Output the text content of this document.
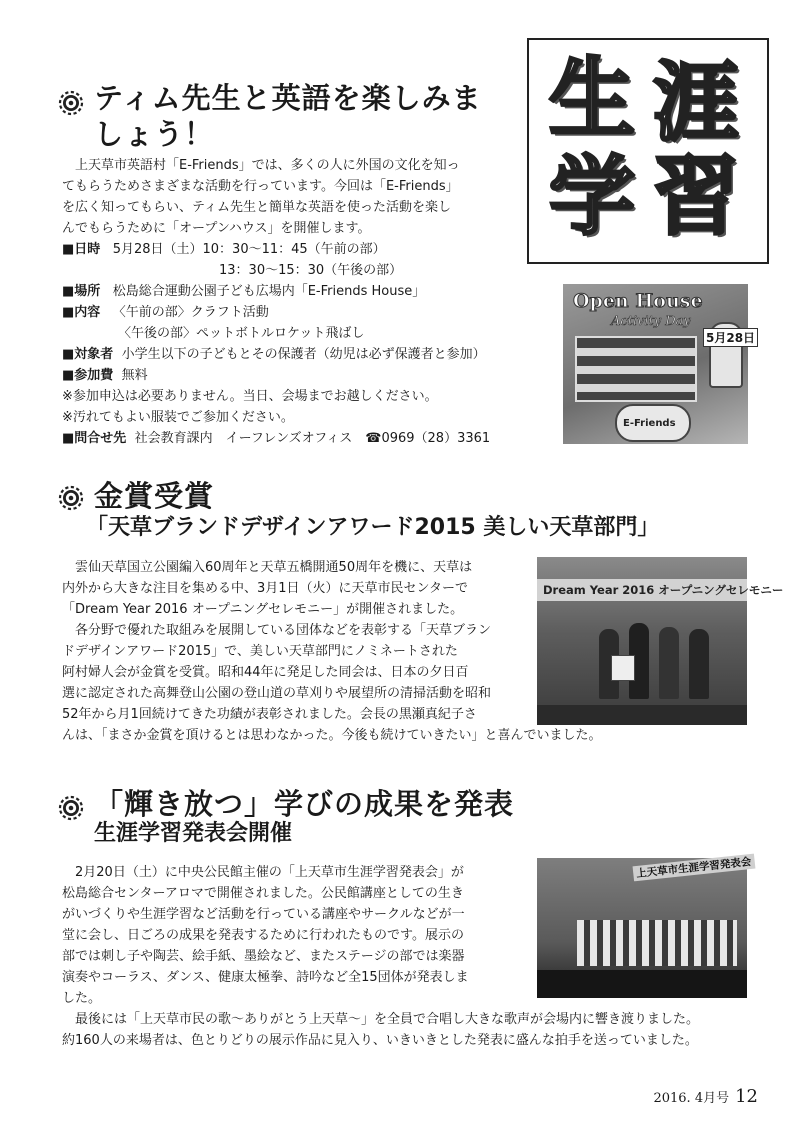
生 涯
学 習
ティム先生と英語を楽しみま
しょう！
　上天草市英語村「E-Friends」では、多くの人に外国の文化を知っ
てもらうためさまざまな活動を行っています。今回は「E-Friends」
を広く知ってもらい、ティム先生と簡単な英語を使った活動を楽し
んでもらうために「オープンハウス」を開催します。
■日時 5月28日（土）10：30〜11：45（午前の部）
13：30〜15：30（午後の部）
■場所 松島総合運動公園子ども広場内「E-Friends House」
■内容 〈午前の部〉クラフト活動
〈午後の部〉ペットボトルロケット飛ばし
■対象者 小学生以下の子どもとその保護者（幼児は必ず保護者と参加）
■参加費 無料
※参加申込は必要ありません。当日、会場までお越しください。
※汚れてもよい服装でご参加ください。
■問合せ先 社会教育課内　イーフレンズオフィス　☎0969（28）3361
Open House
Activity Day
5月28日
E-Friends
金賞受賞
「天草ブランドデザインアワード2015 美しい天草部門」
　雲仙天草国立公園編入60周年と天草五橋開通50周年を機に、天草は
内外から大きな注目を集める中、3月1日（火）に天草市民センターで
「Dream Year 2016 オープニングセレモニー」が開催されました。
　各分野で優れた取組みを展開している団体などを表彰する「天草ブラン
ドデザインアワード2015」で、美しい天草部門にノミネートされた
阿村婦人会が金賞を受賞。昭和44年に発足した同会は、日本の夕日百
選に認定された高舞登山公園の登山道の草刈りや展望所の清掃活動を昭和
52年から月1回続けてきた功績が表彰されました。会長の黒瀬真紀子さ
んは、「まさか金賞を頂けるとは思わなかった。今後も続けていきたい」と喜んでいました。
Dream Year 2016 オープニングセレモニー
「輝き放つ」学びの成果を発表
生涯学習発表会開催
　2月20日（土）に中央公民館主催の「上天草市生涯学習発表会」が
松島総合センターアロマで開催されました。公民館講座としての生き
がいづくりや生涯学習など活動を行っている講座やサークルなどが一
堂に会し、日ごろの成果を発表するために行われたものです。展示の
部では刺し子や陶芸、絵手紙、墨絵など、またステージの部では楽器
演奏やコーラス、ダンス、健康太極拳、詩吟など全15団体が発表しま
した。
　最後には「上天草市民の歌〜ありがとう上天草〜」を全員で合唱し大きな歌声が会場内に響き渡りました。
約160人の来場者は、色とりどりの展示作品に見入り、いきいきとした発表に盛んな拍手を送っていました。
上天草市生涯学習発表会
2016. 4月号 12
